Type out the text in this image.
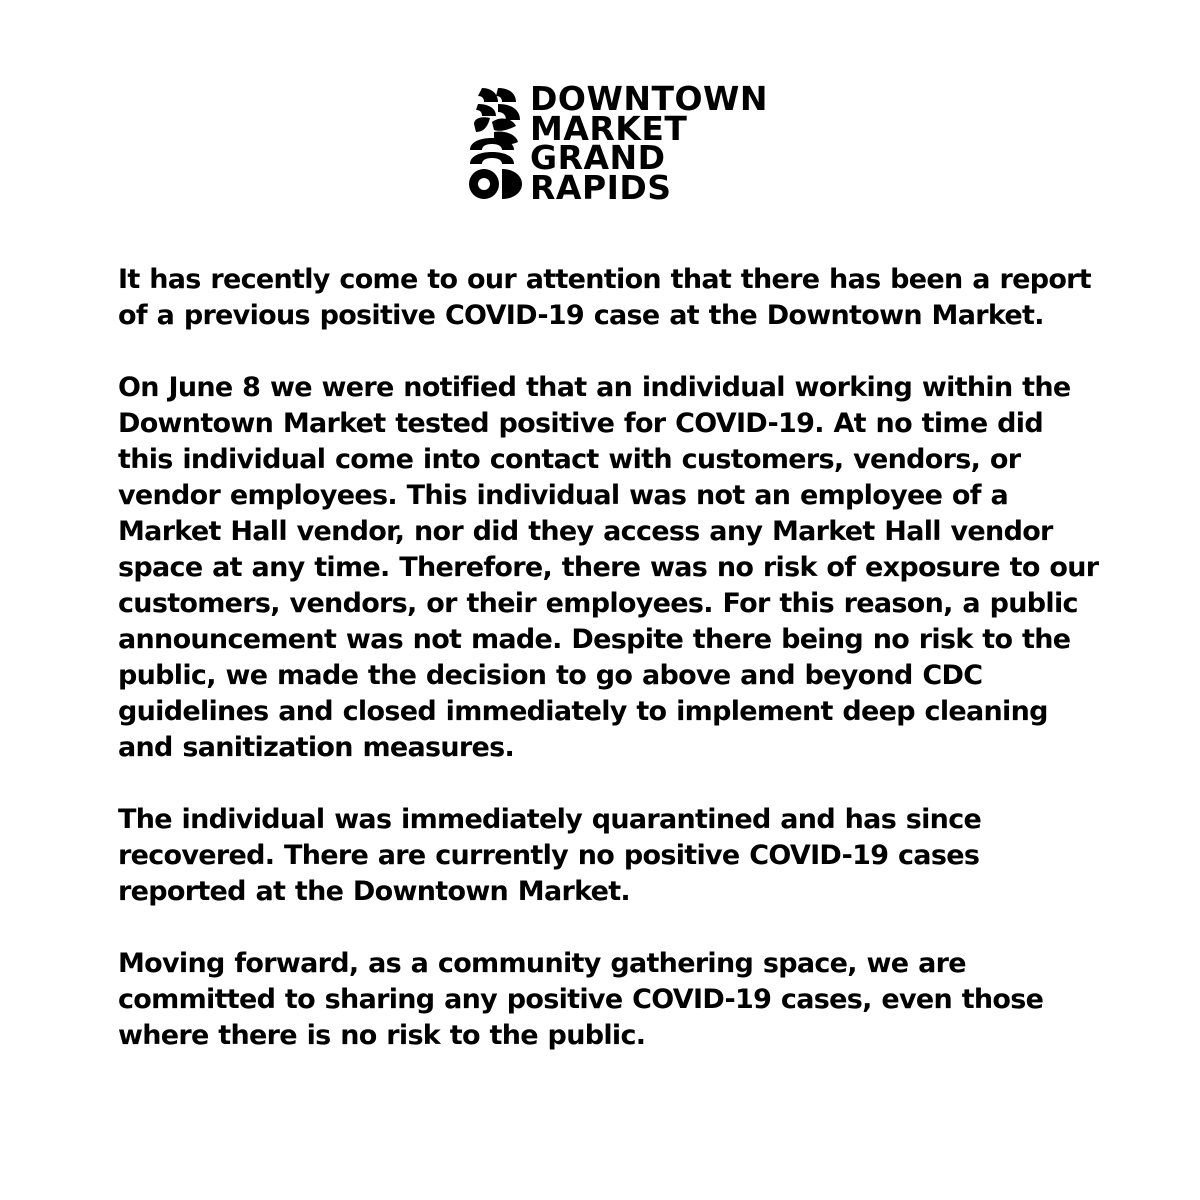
DOWNTOWN
MARKET
GRAND
RAPIDS

It has recently come to our attention that there has been a report
of a previous positive COVID-19 case at the Downtown Market.

On June 8 we were notified that an individual working within the
Downtown Market tested positive for COVID-19. At no time did
this individual come into contact with customers, vendors, or
vendor employees. This individual was not an employee of a
Market Hall vendor, nor did they access any Market Hall vendor
space at any time. Therefore, there was no risk of exposure to our
customers, vendors, or their employees. For this reason, a public
announcement was not made. Despite there being no risk to the
public, we made the decision to go above and beyond CDC
guidelines and closed immediately to implement deep cleaning
and sanitization measures.

The individual was immediately quarantined and has since
recovered. There are currently no positive COVID-19 cases
reported at the Downtown Market.

Moving forward, as a community gathering space, we are
committed to sharing any positive COVID-19 cases, even those
where there is no risk to the public.
